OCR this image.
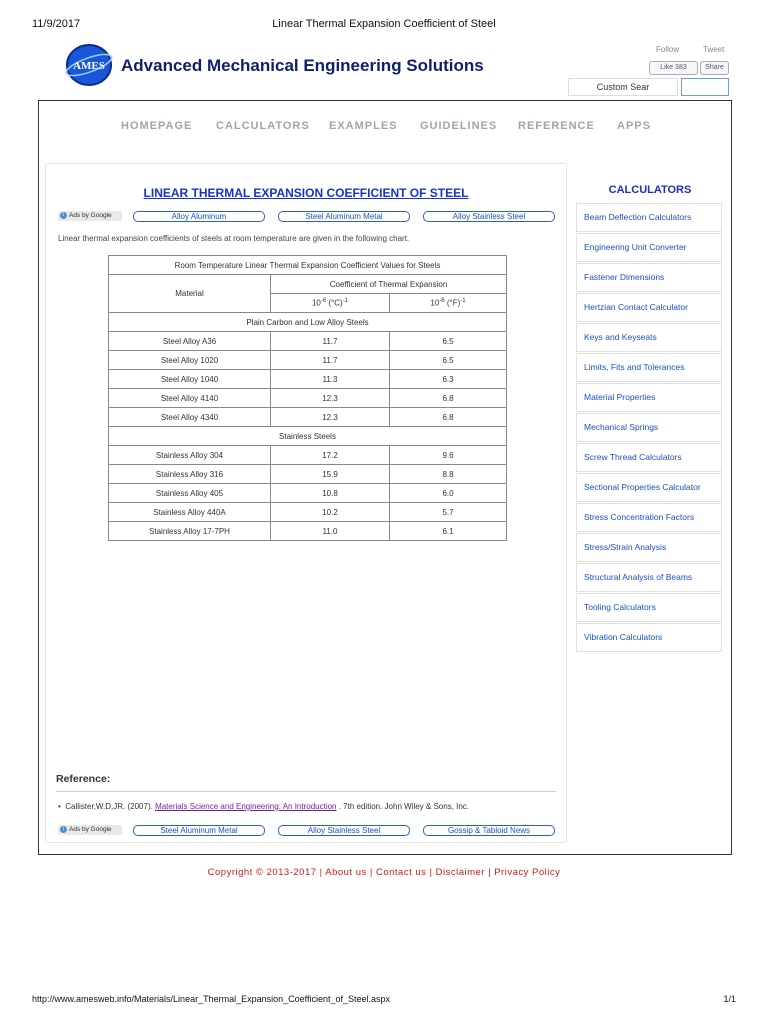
11/9/2017	Linear Thermal Expansion Coefficient of Steel
AMES Advanced Mechanical Engineering Solutions
Follow	Tweet
Like 383	Share
Custom Sear
HOMEPAGE CALCULATORS EXAMPLES GUIDELINES REFERENCE APPS
LINEAR THERMAL EXPANSION COEFFICIENT OF STEEL
i Ads by Google	Alloy Aluminum	Steel Aluminum Metal	Alloy Stainless Steel
Linear thermal expansion coefficients of steels at room temperature are given in the following chart.
Room Temperature Linear Thermal Expansion Coefficient Values for Steels		
Material	Coefficient of Thermal Expansion	
	$10^{-6}$ $(^\circ C)^{-1}$	$10^{-6}$ $(^\circ F)^{-1}$
Plain Carbon and Low Alloy Steels		
Steel Alloy A36	11.7	6.5
Steel Alloy 1020	11.7	6.5
Steel Alloy 1040	11.3	6.3
Steel Alloy 4140	12.3	6.8
Steel Alloy 4340	12.3	6.8
Stainless Steels		
Stainless Alloy 304	17.2	9.6
Stainless Alloy 316	15.9	8.8
Stainless Alloy 405	10.8	6.0
Stainless Alloy 440A	10.2	5.7
Stainless Alloy 17-7PH	11.0	6.1
Reference:
•  Callister,W.D,JR. (2007). Materials Science and Engineering: An Introduction . 7th edition. John Wiley & Sons, Inc.
i Ads by Google	Steel Aluminum Metal	Alloy Stainless Steel	Gossip & Tabloid News
CALCULATORS
Beam Deflection Calculators
Engineering Unit Converter
Fastener Dimensions
Hertzian Contact Calculator
Keys and Keyseats
Limits, Fits and Tolerances
Material Properties
Mechanical Springs
Screw Thread Calculators
Sectional Properties Calculator
Stress Concentration Factors
Stress/Strain Analysis
Structural Analysis of Beams
Tooling Calculators
Vibration Calculators
Copyright © 2013-2017 | About us | Contact us | Disclaimer | Privacy Policy
http://www.amesweb.info/Materials/Linear_Thermal_Expansion_Coefficient_of_Steel.aspx	1/1
